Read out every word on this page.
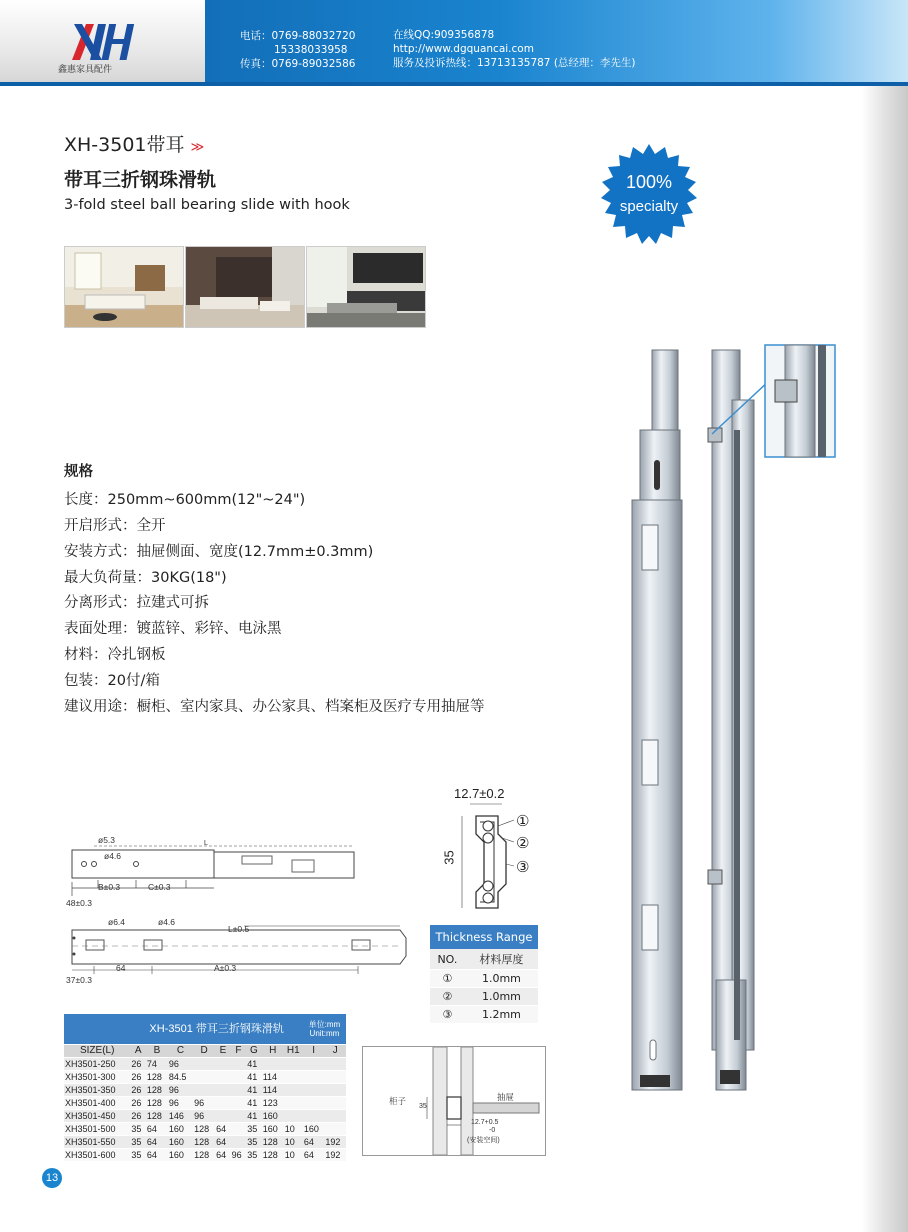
鑫惠家具配件
电话：0769-88032720
15338033958
传真：0769-89032586
在线QQ:909356878
http://www.dgquancai.com
服务及投诉热线：13713135787 (总经理：李先生)
XH-3501带耳 ≫
带耳三折钢珠滑轨
3-fold steel ball bearing slide with hook
100%
specialty
规格
长度：250mm~600mm(12"~24")
开启形式：全开
安装方式：抽屉侧面、宽度(12.7mm±0.3mm)
最大负荷量：30KG(18")
分离形式：拉建式可拆
表面处理：镀蓝锌、彩锌、电泳黑
材料：冷扎钢板
包装：20付/箱
建议用途：橱柜、室内家具、办公家具、档案柜及医疗专用抽屉等
ø5.3
ø4.6
L
B±0.3	C±0.3
48±0.3
ø6.4	ø4.6
L±0.5
64	A±0.3
37±0.3
12.7±0.2
35
①
②
③
Thickness Range	
NO.	材料厚度
①	1.0mm
②	1.0mm
③	1.2mm
	XH-3501 带耳三折钢珠滑轨									单位:mm
Unit:mm	
SIZE(L)	A	B	C	D	E	F	G	H	H1	I	J
XH3501-250	26	74	96				41				
XH3501-300	26	128	84.5				41	114			
XH3501-350	26	128	96				41	114			
XH3501-400	26	128	96	96			41	123			
XH3501-450	26	128	146	96			41	160			
XH3501-500	35	64	160	128	64		35	160	10	160	
XH3501-550	35	64	160	128	64		35	128	10	64	192
XH3501-600	35	64	160	128	64	96	35	128	10	64	192
柜子	抽屉
35
12.7+0.5
-0
(安装空间)
13
